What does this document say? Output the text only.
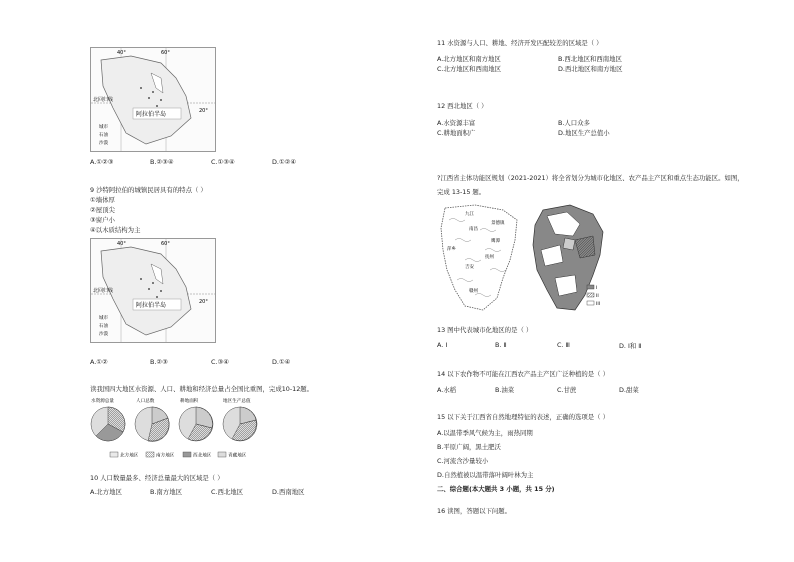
阿拉伯半岛
40°	60°
20°
北回归线
城市
石油
沙漠
A.①②③	B.②③④	C.①③④	D.①②④
9 沙特阿拉伯的城镇民居具有的特点（ ）
①墙体厚
②屋顶尖
③窗户小
④以木质结构为主
阿拉伯半岛
40°	60°
20°
北回归线
城市
石油
沙漠
A.①②	B.②③	C.③④	D.①④
读我国四大地区水资源、人口、耕地和经济总量占全国比重图，完成10-12题。
水资源总量	人口总数	耕地面积	地区生产总值
北方地区	南方地区	西北地区	青藏地区
10 人口数量最多、经济总量最大的区域是（ ）
A.北方地区	B.南方地区	C.西北地区	D.西南地区
11 水资源与人口、耕地、经济开发匹配较差的区域是（ ）
A.北方地区和南方地区	B.西北地区和西南地区
C.北方地区和西南地区	D.西北地区和南方地区
12 西北地区（ ）
A.水资源丰富	B.人口众多
C.耕地面积广	D.地区生产总值小
?江西省主体功能区规划（2021-2021）将全省划分为城市化地区、农产品主产区和重点生态功能区。如图，
完成 13-15 题。
九江
南昌
景德镇
鹰潭
抚州
萍乡
吉安
赣州
I
II
III
13 图中代表城市化地区的是（ ）
A. Ⅰ	B. Ⅱ	C. Ⅲ	D. Ⅰ和 Ⅱ
14 以下农作物不可能在江西农产品主产区广泛种植的是（ ）
A.水稻	B.油菜	C.甘蔗	D.甜菜
15 以下关于江西省自然地理特征的表述，正确的选项是（ ）
A.以温带季风气候为主，雨热同期
B.平原广阔，黑土肥沃
C.河流含沙量较小
D.自然植被以温带落叶阔叶林为主
二、综合题(本大题共 3 小题，共 15 分)
16 读图，答题以下问题。
